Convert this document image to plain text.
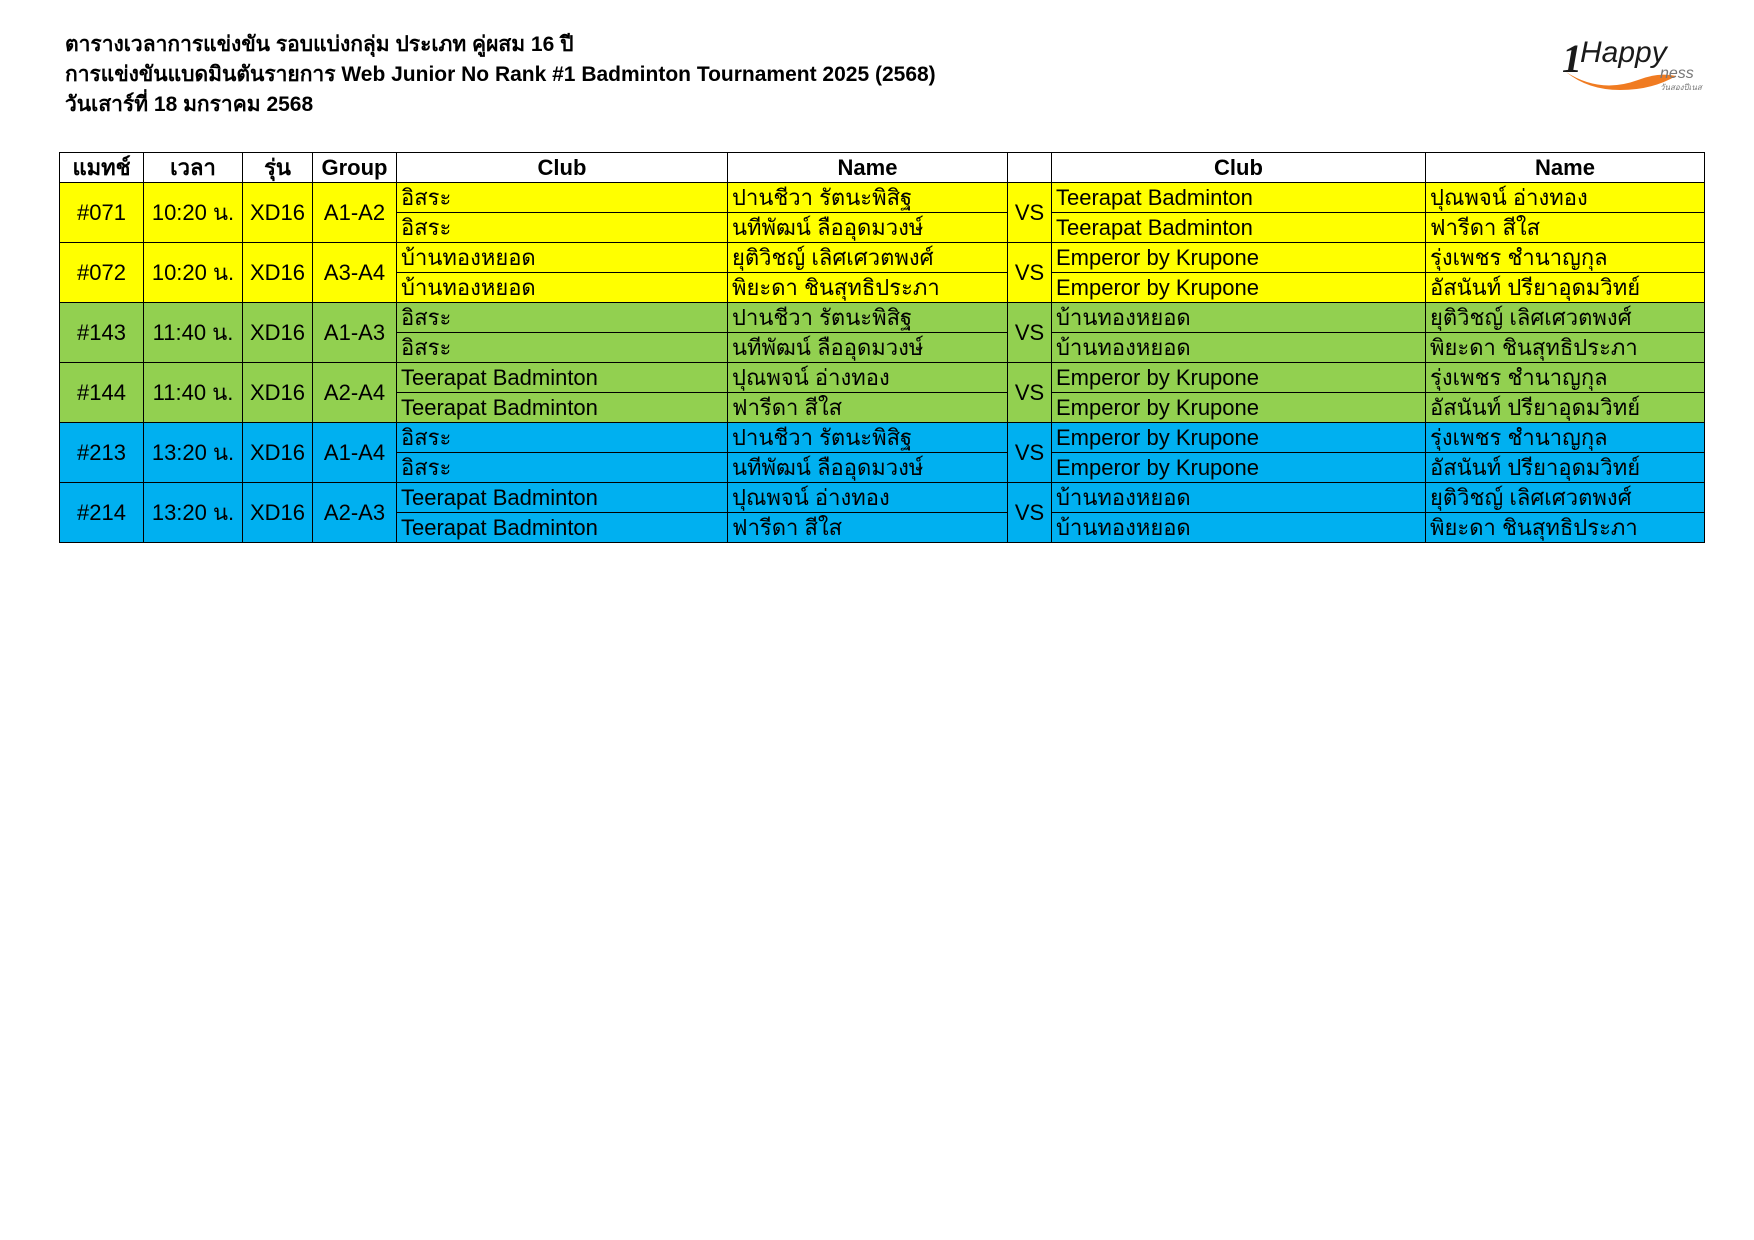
ตารางเวลาการแข่งขัน รอบแบ่งกลุ่ม ประเภท คู่ผสม 16 ปี
การแข่งขันแบดมินตันรายการ Web Junior No Rank #1 Badminton Tournament 2025 (2568)
วันเสาร์ที่ 18 มกราคม 2568
1
Happy
ness
วันสองปีเนส
แมทช์	เวลา	รุ่น	Group	Club	Name		Club	Name
#071	10:20 น.	XD16	A1-A2	อิสระ	ปานชีวา รัตนะพิสิฐ	VS	Teerapat Badminton	ปุณพจน์ อ่างทอง
				อิสระ	นทีพัฒน์ ลืออุดมวงษ์		Teerapat Badminton	ฟารีดา สีใส
#072	10:20 น.	XD16	A3-A4	บ้านทองหยอด	ยุติวิชญ์ เลิศเศวตพงศ์	VS	Emperor by Krupone	รุ่งเพชร ชำนาญกุล
				บ้านทองหยอด	พิยะดา ชินสุทธิประภา		Emperor by Krupone	อัสนันท์ ปรียาอุดมวิทย์
#143	11:40 น.	XD16	A1-A3	อิสระ	ปานชีวา รัตนะพิสิฐ	VS	บ้านทองหยอด	ยุติวิชญ์ เลิศเศวตพงศ์
				อิสระ	นทีพัฒน์ ลืออุดมวงษ์		บ้านทองหยอด	พิยะดา ชินสุทธิประภา
#144	11:40 น.	XD16	A2-A4	Teerapat Badminton	ปุณพจน์ อ่างทอง	VS	Emperor by Krupone	รุ่งเพชร ชำนาญกุล
				Teerapat Badminton	ฟารีดา สีใส		Emperor by Krupone	อัสนันท์ ปรียาอุดมวิทย์
#213	13:20 น.	XD16	A1-A4	อิสระ	ปานชีวา รัตนะพิสิฐ	VS	Emperor by Krupone	รุ่งเพชร ชำนาญกุล
				อิสระ	นทีพัฒน์ ลืออุดมวงษ์		Emperor by Krupone	อัสนันท์ ปรียาอุดมวิทย์
#214	13:20 น.	XD16	A2-A3	Teerapat Badminton	ปุณพจน์ อ่างทอง	VS	บ้านทองหยอด	ยุติวิชญ์ เลิศเศวตพงศ์
				Teerapat Badminton	ฟารีดา สีใส		บ้านทองหยอด	พิยะดา ชินสุทธิประภา
